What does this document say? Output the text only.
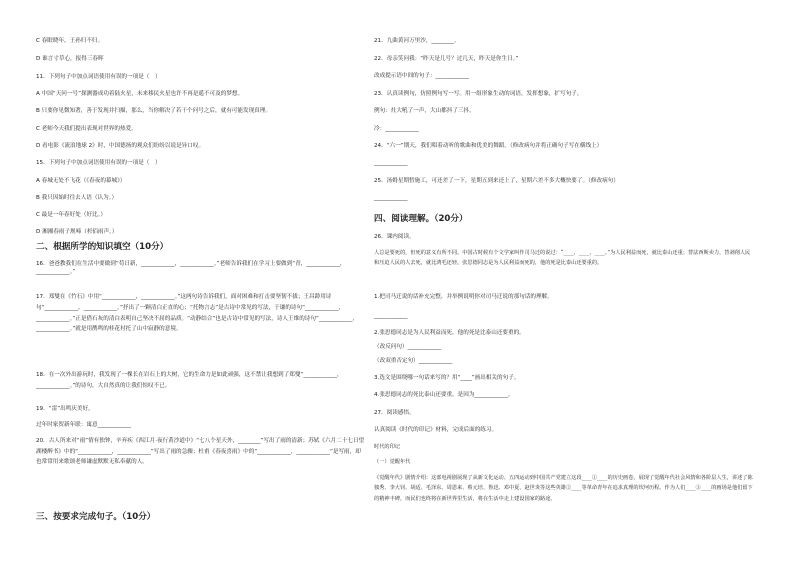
C 春眠晓年，王孙归不归。
D 谁言寸草心，报得三春晖
11．下列句子中加点词语使用有误的一项是（　）
A 中国“天问一号”探测器成功着陆火星，未来移民火星也许不再是遥不可及的梦想。
B 只要你见微知著，善于发现并扫描，那么，当你解决了若干个问号之后，就有可能发现真理。
C 老师今天我们提出表现对世界的热爱。
D 看电影《流浪地球 2》时，中国德扬的观众们纷纷以说是异口叹。
15．下列句子中加点词语使用有误的一项是（　）
A 春城无处不飞花（《春夜的幕城》）
B 我只因始时往去人语（认为。）
C 最是一年春好处（好比。）
D 湘湘春雨子规啼（杉佰雨声。）
二、根据所学的知识填空（10分）
16．爸爸教我们在生活中要做到“苟日新，____________，____________。”老师告诉我们在学习上要做到“青，____________，____________。”
17．郑燮在《竹石》中用“____________，____________。”这两句诗告诉我们，面对困难和打击要坚韧不拔；王昌龄用诗句“____________，____________。”抒出了一颗清白正直的心；“托物言志”是古诗中常见的写法，于谦的诗句“____________，____________。”正是借石灰的清白表明自己坚决不屈的品质。“动静结合”也是古诗中常见的写法，诗人王维的诗句“____________，____________。”就是用鹊鸣的桂花衬托了山中寂静的意境。
18．在一次外出游玩时，我发现了一棵长在岩石上的大树，它的生命力是如此顽强，这不禁让我想到了郑燮“____________，____________。”的诗句，大自然真的让我们惊叹不已。
19．“雷”出鸣庆美好，
过年时家贺新年联：寓意____________
20．古人所来对“雨”情有独钟，辛弃疾《西江月·夜行黄沙道中》“七八个星天外，________”写出了雨的清新；苏轼《六月二十七日望湖楼醉书》中的“____________，____________”写出了雨的急骤；杜甫《春夜喜雨》中的“____________，____________”是写雨，却也常常用来歌颂老师谦虚默默无私奉献的人。
三、按要求完成句子。（10分）
21．九曲黄河万里沙，________。
22．母亲笑问我：“昨天是几号？过几天，昨天是你生日。”
改成提示语中间的句子：____________
23．认真读例句，仿照例句写一写。用一组形象生动的词语，发挥想象，扩写句子。
例句：灶大吼了一声，大山都抖了三抖。
冷：____________
24．“六一”期天，我们唱着动听的歌曲和优美的舞蹈。（修改病句并将正确句子写在横线上）
____________
25．汤姆星期暂施工，可还差了一下，星期五到来还上了，星期六差不多大概快要了。（修改病句）
____________
四、阅读理解。（20分）
26．课内阅读。
人总是要死的，但死的意义有所不同。中国古时候有个文学家叫作司马迁的说过：“____，____，____。”为人民利益而死，就比泰山还重；替法西斯卖力，替剥削人民和压迫人民的人去死，就比鸿毛还轻。张思德同志是为人民利益而死的，他的死是比泰山还要重的。
1.把司马迁说的话补充完整，并举例说明你对司马迁说的那句话的理解。
____________
2.张思德同志是为人民利益而死，他的死是比泰山还要重的。
（改反问句）____________
（改双重否定句）____________
3.选文是围绕哪一句话来写的？用“____”画出相关的句子。
4.张思德同志的死比泰山还要重，是因为____________。
27．阅读感悟。
认真阅读《时代的印记》材料，完成后面的练习。
时代的印记
（一）觉醒年代
《觉醒年代》剧情介绍：这部电视剧展现了从新文化运动、五四运动到中国共产党建立这段____①____的历史画卷，展现了觉醒年代社会风情和各阶层人生，讲述了陈独秀、李大钊、胡适、毛泽东、周恩来、蔡元培、鲁迅、邓中夏、赵世炎等这些英雄②____等革命青年在追求真理的坎坷历程。作为人们____③____的画场是他们留下的精神丰碑，而民们也终将在新世界里生活，将在生活中走上建设国家的路途。
